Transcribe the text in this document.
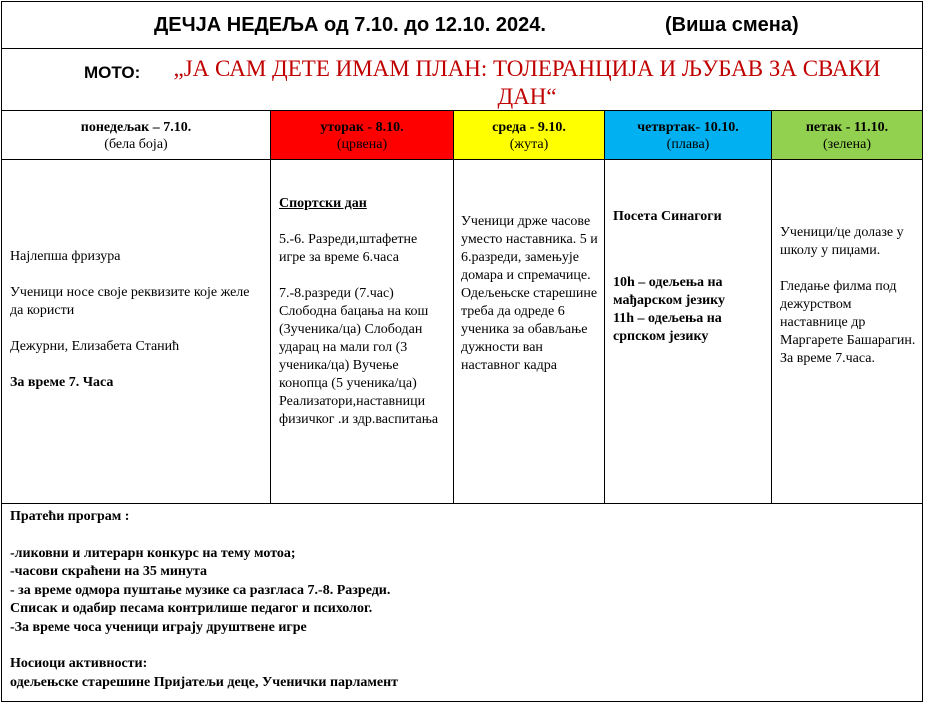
ДЕЧЈА НЕДЕЉА од 7.10. до 12.10. 2024.	(Виша смена)
МОТО:	„ЈА САМ ДЕТЕ ИМАМ ПЛАН: ТОЛЕРАНЦИЈА И ЉУБАВ ЗА СВАКИ ДАН“
понедељак – 7.10.
(бела боја)
уторак - 8.10.
(црвена)
среда - 9.10.
(жута)
четвртак- 10.10.
(плава)
петак - 11.10.
(зелена)

Најлепша фризура

Ученици носе своје реквизите које желе да користи

Дежурни, Елизабета Станић

За време 7. Часа

Спортски дан

5.-6. Разреди,штафетне игре за време 6.часа

7.-8.разреди (7.час) Слободна бацања на кош (3ученика/ца) Слободан ударац на мали гол (3 ученика/ца) Вучење конопца (5 ученика/ца) Реализатори,наставници физичког .и здр.васпитања

Ученици држе часове уместо наставника. 5 и 6.разреди, замењује домара и спремачице. Одељењске старешине треба да одреде 6 ученика за обављање дужности ван наставног кадра

Посета Синагоги

10h – одељења на мађарском језику

11h – одељења на српском језику

Ученици/це долазе у школу у пиџами.

Гледање филма под дежурством наставнице др Маргарете Башарагин.

За време 7.часа.

Пратећи програм :
-ликовни и литерарн конкурс на тему мотоа;
-часови скраћени на 35 минута
- за време одмора пуштање музике са разгласа 7.-8. Разреди.
Списак и одабир песама контрилише педагог и психолог.
-За време чоса ученици играју друштвене игре
Носиоци активности:
одељењске старешине Пријатељи деце, Ученички парламент
